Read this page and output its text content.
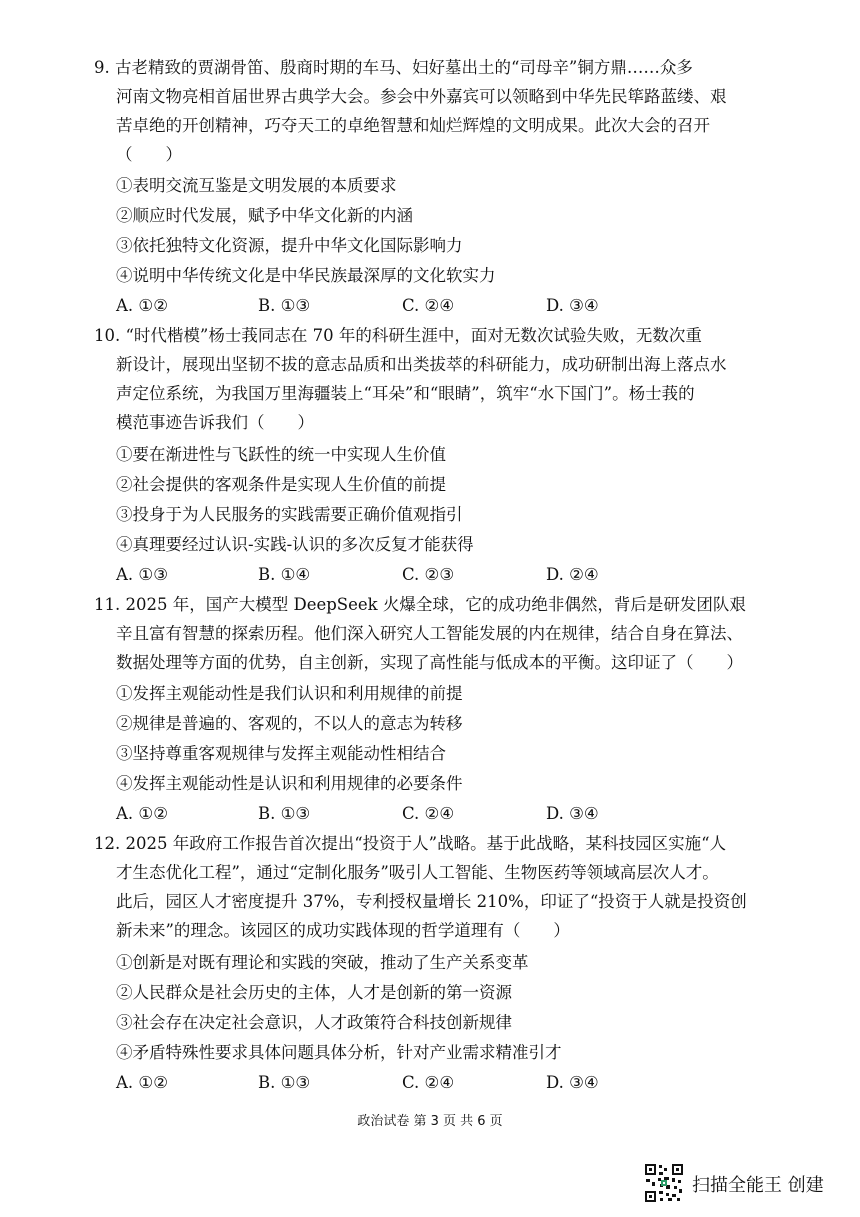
9. 古老精致的贾湖骨笛、殷商时期的车马、妇好墓出土的“司母辛”铜方鼎……众多
河南文物亮相首届世界古典学大会。参会中外嘉宾可以领略到中华先民筚路蓝缕、艰
苦卓绝的开创精神，巧夺天工的卓绝智慧和灿烂辉煌的文明成果。此次大会的召开
（　　）
①表明交流互鉴是文明发展的本质要求
②顺应时代发展，赋予中华文化新的内涵
③依托独特文化资源，提升中华文化国际影响力
④说明中华传统文化是中华民族最深厚的文化软实力
A. ①②	B. ①③	C. ②④	D. ③④
10. “时代楷模”杨士莪同志在 70 年的科研生涯中，面对无数次试验失败，无数次重
新设计，展现出坚韧不拔的意志品质和出类拔萃的科研能力，成功研制出海上落点水
声定位系统，为我国万里海疆装上“耳朵”和“眼睛”，筑牢“水下国门”。杨士莪的
模范事迹告诉我们（　　）
①要在渐进性与飞跃性的统一中实现人生价值
②社会提供的客观条件是实现人生价值的前提
③投身于为人民服务的实践需要正确价值观指引
④真理要经过认识-实践-认识的多次反复才能获得
A. ①③	B. ①④	C. ②③	D. ②④
11. 2025 年，国产大模型 DeepSeek 火爆全球，它的成功绝非偶然，背后是研发团队艰
辛且富有智慧的探索历程。他们深入研究人工智能发展的内在规律，结合自身在算法、
数据处理等方面的优势，自主创新，实现了高性能与低成本的平衡。这印证了（　　）
①发挥主观能动性是我们认识和利用规律的前提
②规律是普遍的、客观的，不以人的意志为转移
③坚持尊重客观规律与发挥主观能动性相结合
④发挥主观能动性是认识和利用规律的必要条件
A. ①②	B. ①③	C. ②④	D. ③④
12. 2025 年政府工作报告首次提出“投资于人”战略。基于此战略，某科技园区实施“人
才生态优化工程”，通过“定制化服务”吸引人工智能、生物医药等领域高层次人才。
此后，园区人才密度提升 37%，专利授权量增长 210%，印证了“投资于人就是投资创
新未来”的理念。该园区的成功实践体现的哲学道理有（　　）
①创新是对既有理论和实践的突破，推动了生产关系变革
②人民群众是社会历史的主体，人才是创新的第一资源
③社会存在决定社会意识，人才政策符合科技创新规律
④矛盾特殊性要求具体问题具体分析，针对产业需求精准引才
A. ①②	B. ①③	C. ②④	D. ③④
政治试卷 第 3 页 共 6 页
扫描全能王 创建
